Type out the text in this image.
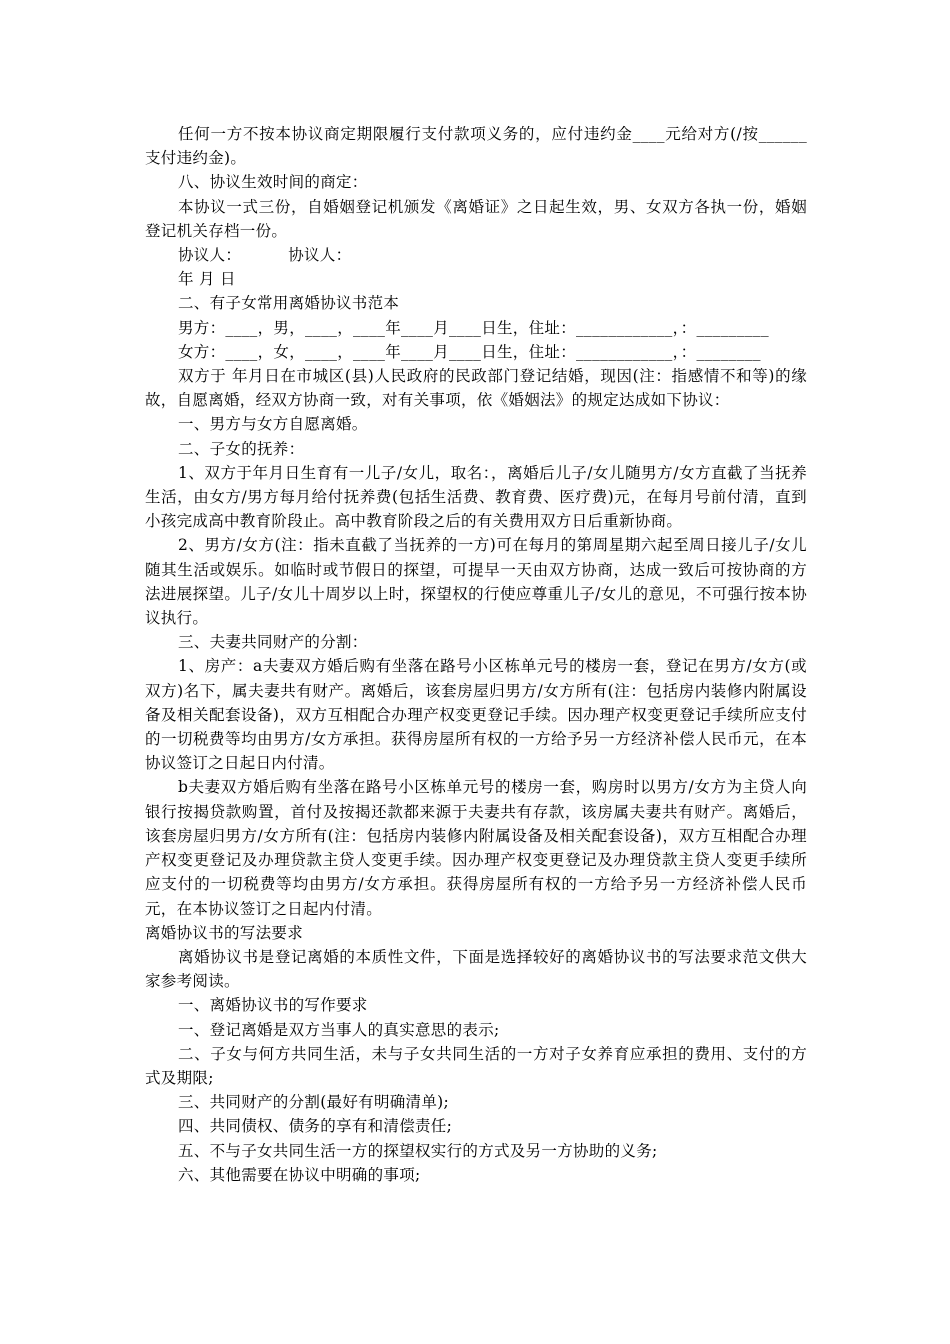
任何一方不按本协议商定期限履行支付款项义务的，应付违约金____元给对方(/按______支付违约金)。

八、协议生效时间的商定：

本协议一式三份，自婚姻登记机颁发《离婚证》之日起生效，男、女双方各执一份，婚姻登记机关存档一份。

协议人：         协议人：

年 月 日

二、有子女常用离婚协议书范本

男方：____，男，____，____年____月____日生，住址：____________，：_________

女方：____，女，____，____年____月____日生，住址：____________，：________

双方于 年月日在市城区(县)人民政府的民政部门登记结婚，现因(注：指感情不和等)的缘故，自愿离婚，经双方协商一致，对有关事项，依《婚姻法》的规定达成如下协议：

一、男方与女方自愿离婚。

二、子女的抚养：

1、双方于年月日生育有一儿子/女儿，取名：，离婚后儿子/女儿随男方/女方直截了当抚养生活，由女方/男方每月给付抚养费(包括生活费、教育费、医疗费)元，在每月号前付清，直到小孩完成高中教育阶段止。高中教育阶段之后的有关费用双方日后重新协商。

2、男方/女方(注：指未直截了当抚养的一方)可在每月的第周星期六起至周日接儿子/女儿随其生活或娱乐。如临时或节假日的探望，可提早一天由双方协商，达成一致后可按协商的方法进展探望。儿子/女儿十周岁以上时，探望权的行使应尊重儿子/女儿的意见，不可强行按本协议执行。

三、夫妻共同财产的分割：

1、房产：a夫妻双方婚后购有坐落在路号小区栋单元号的楼房一套，登记在男方/女方(或双方)名下，属夫妻共有财产。离婚后，该套房屋归男方/女方所有(注：包括房内装修内附属设备及相关配套设备)，双方互相配合办理产权变更登记手续。因办理产权变更登记手续所应支付的一切税费等均由男方/女方承担。获得房屋所有权的一方给予另一方经济补偿人民币元，在本协议签订之日起日内付清。

b夫妻双方婚后购有坐落在路号小区栋单元号的楼房一套，购房时以男方/女方为主贷人向银行按揭贷款购置，首付及按揭还款都来源于夫妻共有存款，该房属夫妻共有财产。离婚后，该套房屋归男方/女方所有(注：包括房内装修内附属设备及相关配套设备)，双方互相配合办理产权变更登记及办理贷款主贷人变更手续。因办理产权变更登记及办理贷款主贷人变更手续所应支付的一切税费等均由男方/女方承担。获得房屋所有权的一方给予另一方经济补偿人民币元，在本协议签订之日起内付清。

离婚协议书的写法要求

离婚协议书是登记离婚的本质性文件，下面是选择较好的离婚协议书的写法要求范文供大家参考阅读。

一、离婚协议书的写作要求

一、登记离婚是双方当事人的真实意思的表示;

二、子女与何方共同生活，未与子女共同生活的一方对子女养育应承担的费用、支付的方式及期限;

三、共同财产的分割(最好有明确清单);

四、共同债权、债务的享有和清偿责任;

五、不与子女共同生活一方的探望权实行的方式及另一方协助的义务;

六、其他需要在协议中明确的事项;
